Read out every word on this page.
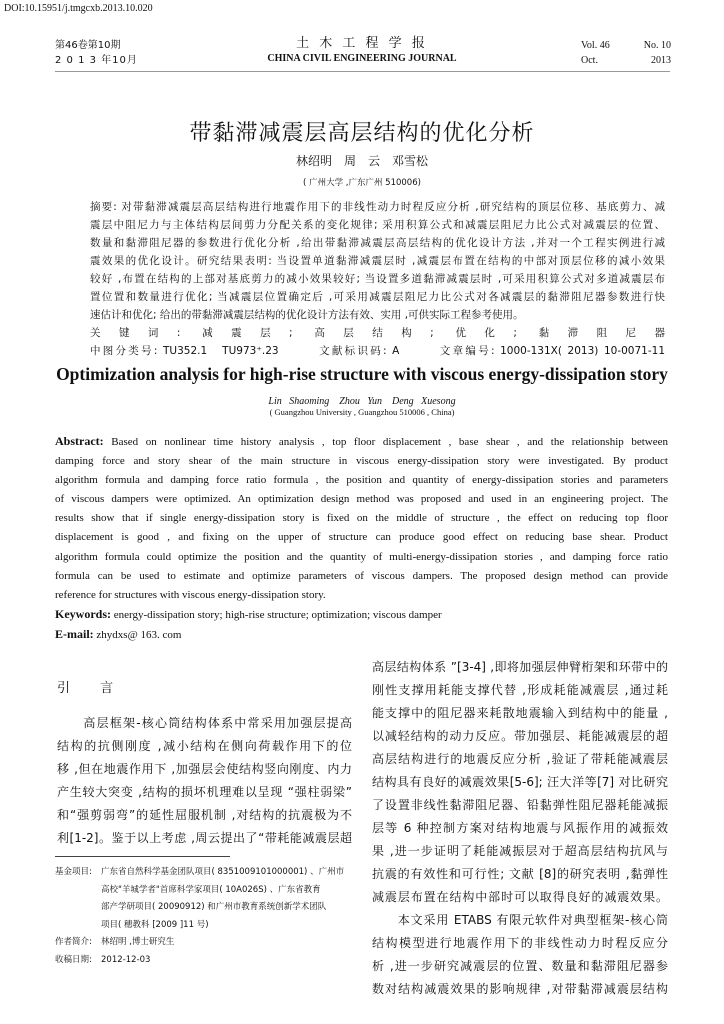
DOI:10.15951/j.tmgcxb.2013.10.020
第46卷第10期
2 0 1 3 年10月
土 木 工 程 学 报
CHINA CIVIL ENGINEERING JOURNAL
Vol. 46	No. 10
Oct.	2013
带黏滞减震层高层结构的优化分析
林绍明　周　云　邓雪松
( 广州大学 ,广东广州 510006)
摘要: 对带黏滞减震层高层结构进行地震作用下的非线性动力时程反应分析 ,研究结构的顶层位移、基底剪力、减
震层中阻尼力与主体结构层间剪力分配关系的变化规律; 采用积算公式和减震层阻尼力比公式对减震层的位置、
数量和黏滞阻尼器的参数进行优化分析 ,给出带黏滞减震层高层结构的优化设计方法 ,并对一个工程实例进行减
震效果的优化设计。研究结果表明: 当设置单道黏滞减震层时 ,减震层布置在结构的中部对顶层位移的减小效果
较好 ,布置在结构的上部对基底剪力的减小效果较好; 当设置多道黏滞减震层时 ,可采用积算公式对多道减震层布
置位置和数量进行优化; 当减震层位置确定后 ,可采用减震层阻尼力比公式对各减震层的黏滞阻尼器参数进行快
速估计和优化; 给出的带黏滞减震层结构的优化设计方法有效、实用 ,可供实际工程参考使用。
关键词: 减震层; 高层结构; 优化; 黏滞阻尼器
中图分类号: TU352.1　TU973⁺.23　　　文献标识码: A　　　文章编号: 1000-131X( 2013) 10-0071-11
Optimization analysis for high-rise structure with viscous energy-dissipation story
Lin Shaoming　Zhou Yun　Deng Xuesong
( Guangzhou University , Guangzhou 510006 , China)
Abstract: Based on nonlinear time history analysis , top floor displacement , base shear , and the relationship between
damping force and story shear of the main structure in viscous energy-dissipation story were investigated. By product
algorithm formula and damping force ratio formula , the position and quantity of energy-dissipation stories and parameters
of viscous dampers were optimized. An optimization design method was proposed and used in an engineering project. The
results show that if single energy-dissipation story is fixed on the middle of structure , the effect on reducing top floor
displacement is good , and fixing on the upper of structure can produce good effect on reducing base shear. Product
algorithm formula could optimize the position and the quantity of multi-energy-dissipation stories , and damping force ratio
formula can be used to estimate and optimize parameters of viscous dampers. The proposed design method can provide
reference for structures with viscous energy-dissipation story.
Keywords: energy-dissipation story; high-rise structure; optimization; viscous damper
E-mail: zhydxs@ 163. com
引 言
　　高层框架-核心筒结构体系中常采用加强层提高
结构的抗侧刚度 ,减小结构在侧向荷载作用下的位
移 ,但在地震作用下 ,加强层会使结构竖向刚度、内力
产生较大突变 ,结构的损坏机理难以呈现 “强柱弱梁”
和“强剪弱弯”的延性屈服机制 ,对结构的抗震极为不
利[1-2]。鉴于以上考虑 ,周云提出了“带耗能减震层超
高层结构体系 ”[3-4] ,即将加强层伸臂桁架和环带中的
刚性支撑用耗能支撑代替 ,形成耗能减震层 ,通过耗
能支撑中的阻尼器来耗散地震输入到结构中的能量 ,
以减轻结构的动力反应。带加强层、耗能减震层的超
高层结构进行的地震反应分析 ,验证了带耗能减震层
结构具有良好的减震效果[5-6]; 汪大洋等[7] 对比研究
了设置非线性黏滞阻尼器、铅黏弹性阻尼器耗能减振
层等 6 种控制方案对结构地震与风振作用的减振效
果 ,进一步证明了耗能减振层对于超高层结构抗风与
抗震的有效性和可行性; 文献 [8]的研究表明 ,黏弹性
减震层布置在结构中部时可以取得良好的减震效果。
　　本文采用 ETABS 有限元软件对典型框架-核心筒
结构模型进行地震作用下的非线性动力时程反应分
析 ,进一步研究减震层的位置、数量和黏滞阻尼器参
数对结构减震效果的影响规律 ,对带黏滞减震层结构
基金项目:	广东省自然科学基金团队项目( 8351009101000001) 、广州市
高校"羊城学者"首席科学家项目( 10A026S) 、广东省教育
部产学研项目( 20090912) 和广州市教育系统创新学术团队
项目( 穗教科 [2009 ]11 号)
作者简介:	林绍明 ,博士研究生
收稿日期:	2012-12-03
